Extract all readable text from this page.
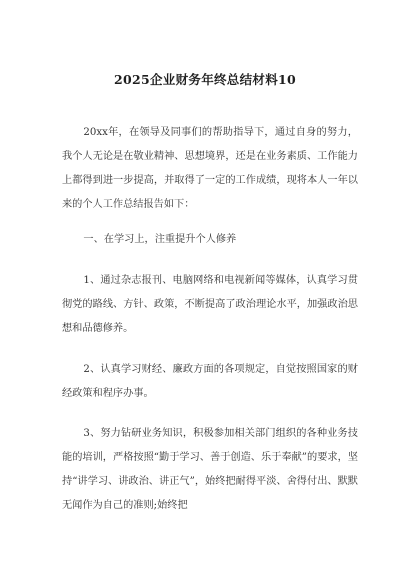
2025企业财务年终总结材料10

20xx年，在领导及同事们的帮助指导下，通过自身的努力，我个人无论是在敬业精神、思想境界，还是在业务素质、工作能力上都得到进一步提高，并取得了一定的工作成绩，现将本人一年以来的个人工作总结报告如下：

一、在学习上，注重提升个人修养

1、通过杂志报刊、电脑网络和电视新闻等媒体，认真学习贯彻党的路线、方针、政策，不断提高了政治理论水平，加强政治思想和品德修养。

2、认真学习财经、廉政方面的各项规定，自觉按照国家的财经政策和程序办事。

3、努力钻研业务知识，积极参加相关部门组织的各种业务技能的培训，严格按照“勤于学习、善于创造、乐于奉献”的要求，坚持“讲学习、讲政治、讲正气”，始终把耐得平淡、舍得付出、默默无闻作为自己的准则;始终把
